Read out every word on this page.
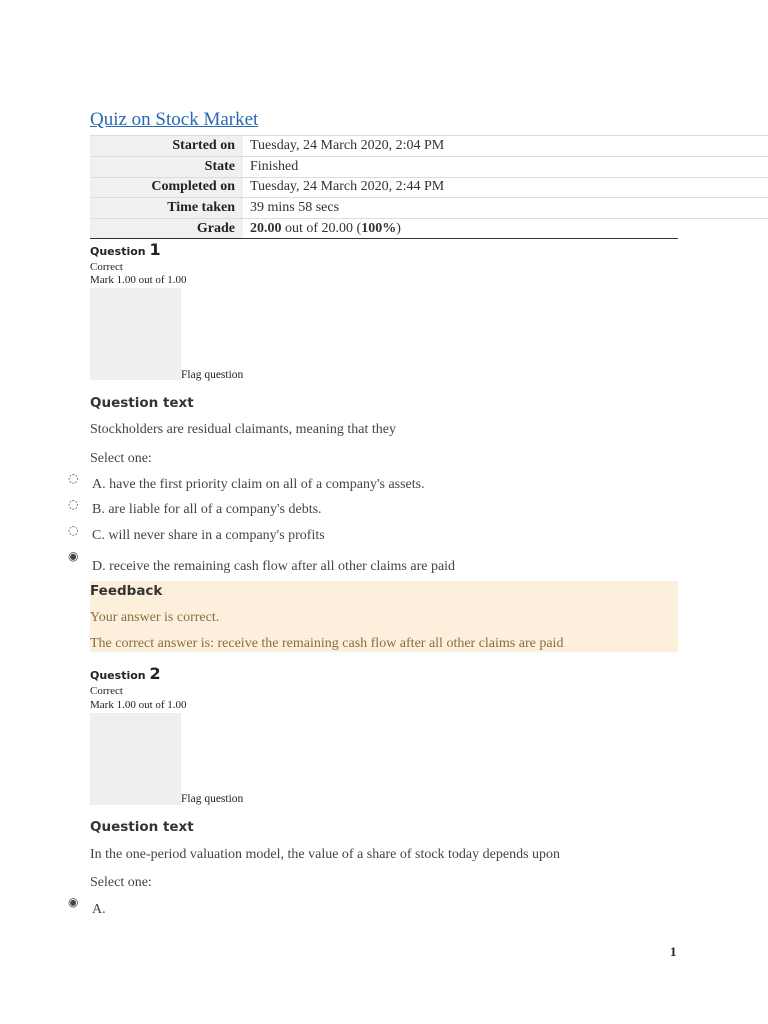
Quiz on Stock Market
Started on	Tuesday, 24 March 2020, 2:04 PM
State	Finished
Completed on	Tuesday, 24 March 2020, 2:44 PM
Time taken	39 mins 58 secs
Grade	20.00 out of 20.00 (100%)
Question 1
Correct
Mark 1.00 out of 1.00
Flag question
Question text
Stockholders are residual claimants, meaning that they
Select one:
◌ A. have the first priority claim on all of a company's assets.
◌ B. are liable for all of a company's debts.
◌ C. will never share in a company's profits
◉
D. receive the remaining cash flow after all other claims are paid
Feedback
Your answer is correct.
The correct answer is: receive the remaining cash flow after all other claims are paid
Question 2
Correct
Mark 1.00 out of 1.00
Flag question
Question text
In the one-period valuation model, the value of a share of stock today depends upon
Select one:
◉ A.
1
